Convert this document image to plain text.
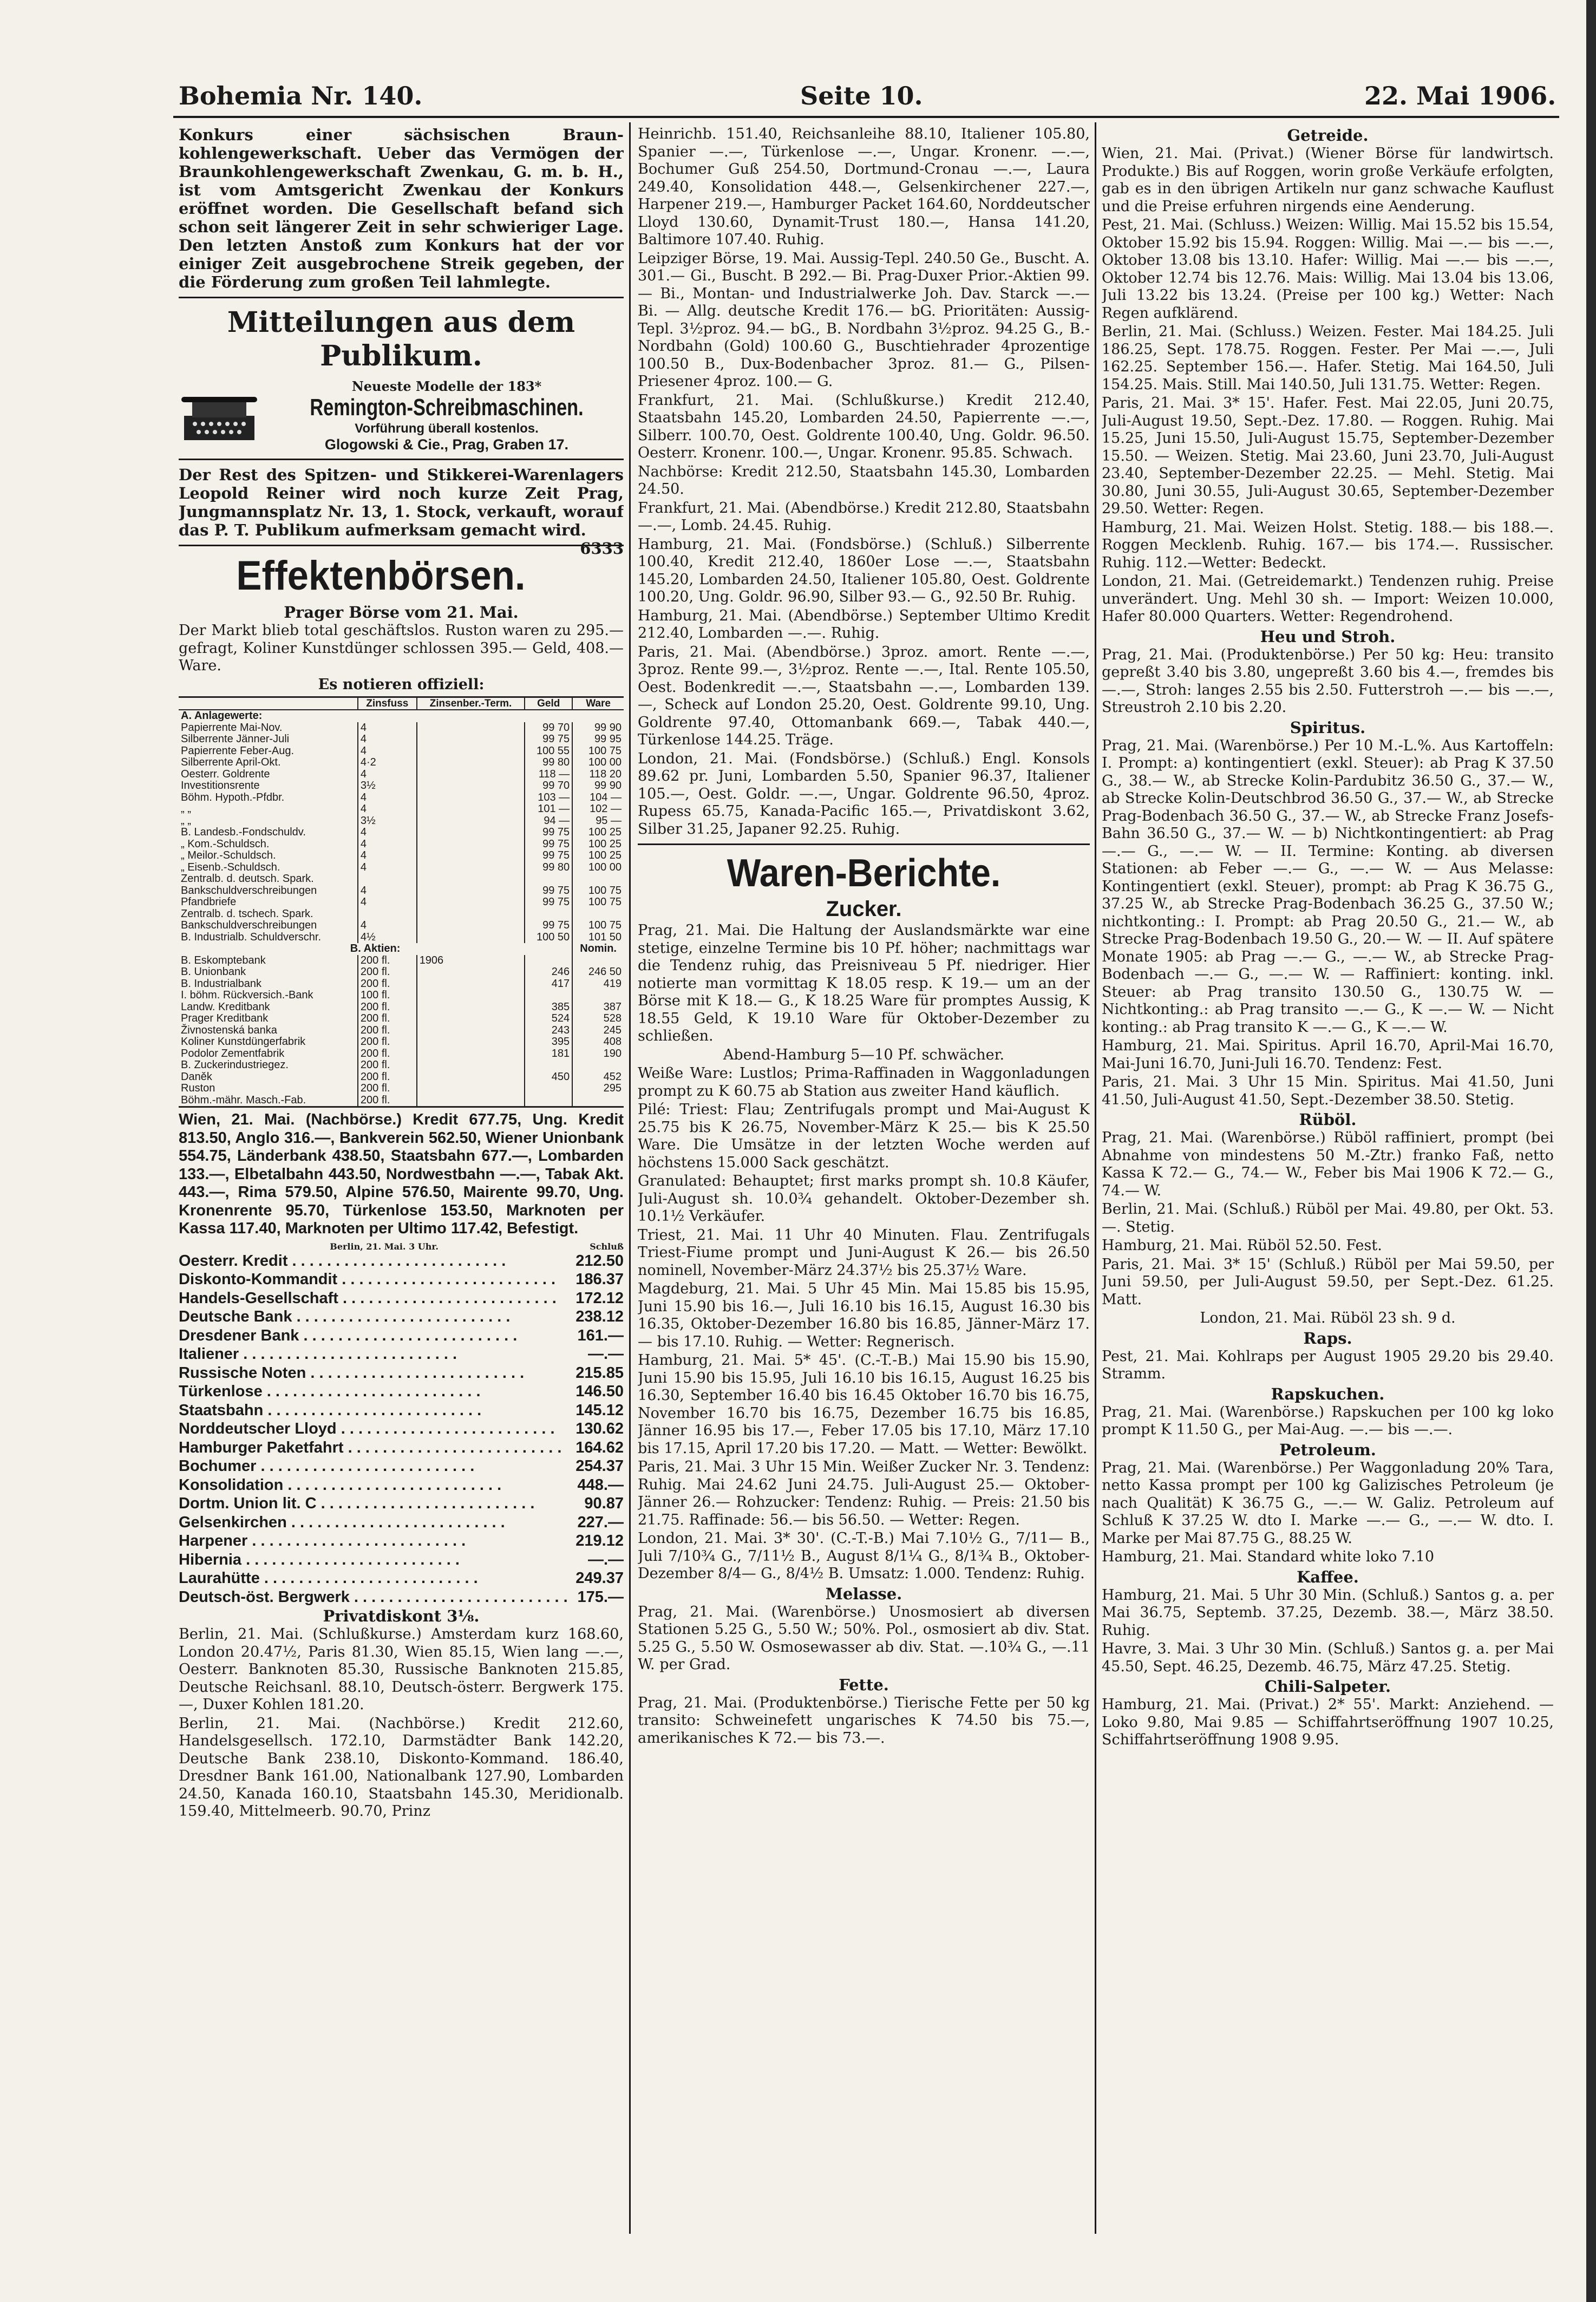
Bohemia Nr. 140.	Seite 10.	22. Mai 1906.

Konkurs einer sächsischen Braun-kohlengewerkschaft. Ueber das Vermögen der Braunkohlengewerkschaft Zwenkau, G. m. b. H., ist vom Amtsgericht Zwenkau der Konkurs eröffnet worden. Die Gesellschaft befand sich schon seit längerer Zeit in sehr schwieriger Lage. Den letzten Anstoß zum Konkurs hat der vor einiger Zeit ausgebrochene Streik gegeben, der die Förderung zum großen Teil lahmlegte.

Mitteilungen aus dem Publikum.
Neueste Modelle der 183*
Remington-Schreibmaschinen.
Vorführung überall kostenlos.
Glogowski & Cie., Prag, Graben 17.

Der Rest des Spitzen- und Stikkerei-Warenlagers Leopold Reiner wird noch kurze Zeit Prag, Jungmannsplatz Nr. 13, 1. Stock, verkauft, worauf das P. T. Publikum aufmerksam gemacht wird.
6333

Effektenbörsen.
Prager Börse vom 21. Mai.

Der Markt blieb total geschäftslos. Ruston waren zu 295.— gefragt, Koliner Kunstdünger schlossen 395.— Geld, 408.— Ware.

Es notieren offiziell:
	Zinsfuss	Zinsenber.-Term.	Geld	Ware
A. Anlagewerte:				
Papierrente Mai-Nov.	4		99 70	99 90
Silberrente Jänner-Juli	4		99 75	99 95
Papierrente Feber-Aug.	4		100 55	100 75
Silberrente April-Okt.	4·2		99 80	100 00
Oesterr. Goldrente	4		118 —	118 20
Investitionsrente	3½		99 70	99 90
Böhm. Hypoth.-Pfdbr.	4		103 —	104 —
„ „	4		101 —	102 —
„ „	3½		94 —	95 —
B. Landesb.-Fondschuldv.	4		99 75	100 25
„ Kom.-Schuldsch.	4		99 75	100 25
„ Meilor.-Schuldsch.	4		99 75	100 25
„ Eisenb.-Schuldsch.	4		99 80	100 00
Zentralb. d. deutsch. Spark.				
Bankschuldverschreibungen	4		99 75	100 75
Pfandbriefe	4		99 75	100 75
Zentralb. d. tschech. Spark.				
Bankschuldverschreibungen	4		99 75	100 75
B. Industrialb. Schuldverschr.	4½		100 50	101 50
B. Aktien:				Nomin.
B. Eskomptebank	200 fl.	1906		
B. Unionbank	200 fl.		246	246 50
B. Industrialbank	200 fl.		417	419
I. böhm. Rückversich.-Bank	100 fl.			
Landw. Kreditbank	200 fl.		385	387
Prager Kreditbank	200 fl.		524	528
Živnostenská banka	200 fl.		243	245
Koliner Kunstdüngerfabrik	200 fl.		395	408
Podolor Zementfabrik	200 fl.		181	190
B. Zuckerindustriegez.	200 fl.			
Daněk	200 fl.		450	452
Ruston	200 fl.			295
Böhm.-mähr. Masch.-Fab.	200 fl.			

Wien, 21. Mai. (Nachbörse.) Kredit 677.75, Ung. Kredit 813.50, Anglo 316.—, Bankverein 562.50, Wiener Unionbank 554.75, Länderbank 438.50, Staatsbahn 677.—, Lombarden 133.—, Elbetalbahn 443.50, Nordwestbahn —.—, Tabak Akt. 443.—, Rima 579.50, Alpine 576.50, Mairente 99.70, Ung. Kronenrente 95.70, Türkenlose 153.50, Marknoten per Kassa 117.40, Marknoten per Ultimo 117.42, Befestigt.

Berlin, 21. Mai. 3 Uhr.	Schluß
Oesterr. Kredit . . . . . . . . . . . . . . . . . . . . . . . . .	212.50
Diskonto-Kommandit . . . . . . . . . . . . . . . . . . . . . . . . .	186.37
Handels-Gesellschaft . . . . . . . . . . . . . . . . . . . . . . . . .	172.12
Deutsche Bank . . . . . . . . . . . . . . . . . . . . . . . . .	238.12
Dresdener Bank . . . . . . . . . . . . . . . . . . . . . . . . .	161.—
Italiener . . . . . . . . . . . . . . . . . . . . . . . . .	—.—
Russische Noten . . . . . . . . . . . . . . . . . . . . . . . . .	215.85
Türkenlose . . . . . . . . . . . . . . . . . . . . . . . . .	146.50
Staatsbahn . . . . . . . . . . . . . . . . . . . . . . . . .	145.12
Norddeutscher Lloyd . . . . . . . . . . . . . . . . . . . . . . . . .	130.62
Hamburger Paketfahrt . . . . . . . . . . . . . . . . . . . . . . . . .	164.62
Bochumer . . . . . . . . . . . . . . . . . . . . . . . . .	254.37
Konsolidation . . . . . . . . . . . . . . . . . . . . . . . . .	448.—
Dortm. Union lit. C . . . . . . . . . . . . . . . . . . . . . . . . .	90.87
Gelsenkirchen . . . . . . . . . . . . . . . . . . . . . . . . .	227.—
Harpener . . . . . . . . . . . . . . . . . . . . . . . . .	219.12
Hibernia . . . . . . . . . . . . . . . . . . . . . . . . .	—.—
Laurahütte . . . . . . . . . . . . . . . . . . . . . . . . .	249.37
Deutsch-öst. Bergwerk . . . . . . . . . . . . . . . . . . . . . . . . .	175.—
Privatdiskont 3⅛.

Berlin, 21. Mai. (Schlußkurse.) Amsterdam kurz 168.60, London 20.47½, Paris 81.30, Wien 85.15, Wien lang —.—, Oesterr. Banknoten 85.30, Russische Banknoten 215.85, Deutsche Reichsanl. 88.10, Deutsch-österr. Bergwerk 175.—, Duxer Kohlen 181.20.

Berlin, 21. Mai. (Nachbörse.) Kredit 212.60, Handelsgesellsch. 172.10, Darmstädter Bank 142.20, Deutsche Bank 238.10, Diskonto-Kommand. 186.40, Dresdner Bank 161.00, Nationalbank 127.90, Lombarden 24.50, Kanada 160.10, Staatsbahn 145.30, Meridionalb. 159.40, Mittelmeerb. 90.70, Prinz

Heinrichb. 151.40, Reichsanleihe 88.10, Italiener 105.80, Spanier —.—, Türkenlose —.—, Ungar. Kronenr. —.—, Bochumer Guß 254.50, Dortmund-Cronau —.—, Laura 249.40, Konsolidation 448.—, Gelsenkirchener 227.—, Harpener 219.—, Hamburger Packet 164.60, Norddeutscher Lloyd 130.60, Dynamit-Trust 180.—, Hansa 141.20, Baltimore 107.40. Ruhig.

Leipziger Börse, 19. Mai. Aussig-Tepl. 240.50 Ge., Buscht. A. 301.— Gi., Buscht. B 292.— Bi. Prag-Duxer Prior.-Aktien 99.— Bi., Montan- und Industrialwerke Joh. Dav. Starck —.— Bi. — Allg. deutsche Kredit 176.— bG. Prioritäten: Aussig-Tepl. 3½proz. 94.— bG., B. Nordbahn 3½proz. 94.25 G., B.-Nordbahn (Gold) 100.60 G., Buschtiehrader 4prozentige 100.50 B., Dux-Bodenbacher 3proz. 81.— G., Pilsen-Priesener 4proz. 100.— G.

Frankfurt, 21. Mai. (Schlußkurse.) Kredit 212.40, Staatsbahn 145.20, Lombarden 24.50, Papierrente —.—, Silberr. 100.70, Oest. Goldrente 100.40, Ung. Goldr. 96.50. Oesterr. Kronenr. 100.—, Ungar. Kronenr. 95.85. Schwach.

Nachbörse: Kredit 212.50, Staatsbahn 145.30, Lombarden 24.50.

Frankfurt, 21. Mai. (Abendbörse.) Kredit 212.80, Staatsbahn —.—, Lomb. 24.45. Ruhig.

Hamburg, 21. Mai. (Fondsbörse.) (Schluß.) Silberrente 100.40, Kredit 212.40, 1860er Lose —.—, Staatsbahn 145.20, Lombarden 24.50, Italiener 105.80, Oest. Goldrente 100.20, Ung. Goldr. 96.90, Silber 93.— G., 92.50 Br. Ruhig.

Hamburg, 21. Mai. (Abendbörse.) September Ultimo Kredit 212.40, Lombarden —.—. Ruhig.

Paris, 21. Mai. (Abendbörse.) 3proz. amort. Rente —.—, 3proz. Rente 99.—, 3½proz. Rente —.—, Ital. Rente 105.50, Oest. Bodenkredit —.—, Staatsbahn —.—, Lombarden 139.—, Scheck auf London 25.20, Oest. Goldrente 99.10, Ung. Goldrente 97.40, Ottomanbank 669.—, Tabak 440.—, Türkenlose 144.25. Träge.

London, 21. Mai. (Fondsbörse.) (Schluß.) Engl. Konsols 89.62 pr. Juni, Lombarden 5.50, Spanier 96.37, Italiener 105.—, Oest. Goldr. —.—, Ungar. Goldrente 96.50, 4proz. Rupess 65.75, Kanada-Pacific 165.—, Privatdiskont 3.62, Silber 31.25, Japaner 92.25. Ruhig.

Waren-Berichte.
Zucker.

Prag, 21. Mai. Die Haltung der Auslandsmärkte war eine stetige, einzelne Termine bis 10 Pf. höher; nachmittags war die Tendenz ruhig, das Preisniveau 5 Pf. niedriger. Hier notierte man vormittag K 18.05 resp. K 19.— um an der Börse mit K 18.— G., K 18.25 Ware für promptes Aussig, K 18.55 Geld, K 19.10 Ware für Oktober-Dezember zu schließen.

Abend-Hamburg 5—10 Pf. schwächer.

Weiße Ware: Lustlos; Prima-Raffinaden in Waggonladungen prompt zu K 60.75 ab Station aus zweiter Hand käuflich.

Pilé: Triest: Flau; Zentrifugals prompt und Mai-August K 25.75 bis K 26.75, November-März K 25.— bis K 25.50 Ware. Die Umsätze in der letzten Woche werden auf höchstens 15.000 Sack geschätzt.

Granulated: Behauptet; first marks prompt sh. 10.8 Käufer, Juli-August sh. 10.0¾ gehandelt. Oktober-Dezember sh. 10.1½ Verkäufer.

Triest, 21. Mai. 11 Uhr 40 Minuten. Flau. Zentrifugals Triest-Fiume prompt und Juni-August K 26.— bis 26.50 nominell, November-März 24.37½ bis 25.37½ Ware.

Magdeburg, 21. Mai. 5 Uhr 45 Min. Mai 15.85 bis 15.95, Juni 15.90 bis 16.—, Juli 16.10 bis 16.15, August 16.30 bis 16.35, Oktober-Dezember 16.80 bis 16.85, Jänner-März 17.— bis 17.10. Ruhig. — Wetter: Regnerisch.

Hamburg, 21. Mai. 5* 45'. (C.-T.-B.) Mai 15.90 bis 15.90, Juni 15.90 bis 15.95, Juli 16.10 bis 16.15, August 16.25 bis 16.30, September 16.40 bis 16.45 Oktober 16.70 bis 16.75, November 16.70 bis 16.75, Dezember 16.75 bis 16.85, Jänner 16.95 bis 17.—, Feber 17.05 bis 17.10, März 17.10 bis 17.15, April 17.20 bis 17.20. — Matt. — Wetter: Bewölkt.

Paris, 21. Mai. 3 Uhr 15 Min. Weißer Zucker Nr. 3. Tendenz: Ruhig. Mai 24.62 Juni 24.75. Juli-August 25.— Oktober-Jänner 26.— Rohzucker: Tendenz: Ruhig. — Preis: 21.50 bis 21.75. Raffinade: 56.— bis 56.50. — Wetter: Regen.

London, 21. Mai. 3* 30'. (C.-T.-B.) Mai 7.10½ G., 7/11— B., Juli 7/10¾ G., 7/11½ B., August 8/1¼ G., 8/1¾ B., Oktober-Dezember 8/4— G., 8/4½ B. Umsatz: 1.000. Tendenz: Ruhig.

Melasse.

Prag, 21. Mai. (Warenbörse.) Unosmosiert ab diversen Stationen 5.25 G., 5.50 W.; 50%. Pol., osmosiert ab div. Stat. 5.25 G., 5.50 W. Osmosewasser ab div. Stat. —.10¾ G., —.11 W. per Grad.

Fette.

Prag, 21. Mai. (Produktenbörse.) Tierische Fette per 50 kg transito: Schweinefett ungarisches K 74.50 bis 75.—, amerikanisches K 72.— bis 73.—.

Getreide.

Wien, 21. Mai. (Privat.) (Wiener Börse für landwirtsch. Produkte.) Bis auf Roggen, worin große Verkäufe erfolgten, gab es in den übrigen Artikeln nur ganz schwache Kauflust und die Preise erfuhren nirgends eine Aenderung.

Pest, 21. Mai. (Schluss.) Weizen: Willig. Mai 15.52 bis 15.54, Oktober 15.92 bis 15.94. Roggen: Willig. Mai —.— bis —.—, Oktober 13.08 bis 13.10. Hafer: Willig. Mai —.— bis —.—, Oktober 12.74 bis 12.76. Mais: Willig. Mai 13.04 bis 13.06, Juli 13.22 bis 13.24. (Preise per 100 kg.) Wetter: Nach Regen aufklärend.

Berlin, 21. Mai. (Schluss.) Weizen. Fester. Mai 184.25. Juli 186.25, Sept. 178.75. Roggen. Fester. Per Mai —.—, Juli 162.25. September 156.—. Hafer. Stetig. Mai 164.50, Juli 154.25. Mais. Still. Mai 140.50, Juli 131.75. Wetter: Regen.

Paris, 21. Mai. 3* 15'. Hafer. Fest. Mai 22.05, Juni 20.75, Juli-August 19.50, Sept.-Dez. 17.80. — Roggen. Ruhig. Mai 15.25, Juni 15.50, Juli-August 15.75, September-Dezember 15.50. — Weizen. Stetig. Mai 23.60, Juni 23.70, Juli-August 23.40, September-Dezember 22.25. — Mehl. Stetig. Mai 30.80, Juni 30.55, Juli-August 30.65, September-Dezember 29.50. Wetter: Regen.

Hamburg, 21. Mai. Weizen Holst. Stetig. 188.— bis 188.—. Roggen Mecklenb. Ruhig. 167.— bis 174.—. Russischer. Ruhig. 112.—Wetter: Bedeckt.

London, 21. Mai. (Getreidemarkt.) Tendenzen ruhig. Preise unverändert. Ung. Mehl 30 sh. — Import: Weizen 10.000, Hafer 80.000 Quarters. Wetter: Regendrohend.

Heu und Stroh.

Prag, 21. Mai. (Produktenbörse.) Per 50 kg: Heu: transito gepreßt 3.40 bis 3.80, ungepreßt 3.60 bis 4.—, fremdes bis —.—, Stroh: langes 2.55 bis 2.50. Futterstroh —.— bis —.—, Streustroh 2.10 bis 2.20.

Spiritus.

Prag, 21. Mai. (Warenbörse.) Per 10 M.-L.%. Aus Kartoffeln: I. Prompt: a) kontingentiert (exkl. Steuer): ab Prag K 37.50 G., 38.— W., ab Strecke Kolin-Pardubitz 36.50 G., 37.— W., ab Strecke Kolin-Deutschbrod 36.50 G., 37.— W., ab Strecke Prag-Bodenbach 36.50 G., 37.— W., ab Strecke Franz Josefs-Bahn 36.50 G., 37.— W. — b) Nichtkontingentiert: ab Prag —.— G., —.— W. — II. Termine: Konting. ab diversen Stationen: ab Feber —.— G., —.— W. — Aus Melasse: Kontingentiert (exkl. Steuer), prompt: ab Prag K 36.75 G., 37.25 W., ab Strecke Prag-Bodenbach 36.25 G., 37.50 W.; nichtkonting.: I. Prompt: ab Prag 20.50 G., 21.— W., ab Strecke Prag-Bodenbach 19.50 G., 20.— W. — II. Auf spätere Monate 1905: ab Prag —.— G., —.— W., ab Strecke Prag-Bodenbach —.— G., —.— W. — Raffiniert: konting. inkl. Steuer: ab Prag transito 130.50 G., 130.75 W. — Nichtkonting.: ab Prag transito —.— G., K —.— W. — Nicht konting.: ab Prag transito K —.— G., K —.— W.

Hamburg, 21. Mai. Spiritus. April 16.70, April-Mai 16.70, Mai-Juni 16.70, Juni-Juli 16.70. Tendenz: Fest.

Paris, 21. Mai. 3 Uhr 15 Min. Spiritus. Mai 41.50, Juni 41.50, Juli-August 41.50, Sept.-Dezember 38.50. Stetig.

Rüböl.

Prag, 21. Mai. (Warenbörse.) Rüböl raffiniert, prompt (bei Abnahme von mindestens 50 M.-Ztr.) franko Faß, netto Kassa K 72.— G., 74.— W., Feber bis Mai 1906 K 72.— G., 74.— W.

Berlin, 21. Mai. (Schluß.) Rüböl per Mai. 49.80, per Okt. 53.—. Stetig.

Hamburg, 21. Mai. Rüböl 52.50. Fest.

Paris, 21. Mai. 3* 15' (Schluß.) Rüböl per Mai 59.50, per Juni 59.50, per Juli-August 59.50, per Sept.-Dez. 61.25. Matt.

London, 21. Mai. Rüböl 23 sh. 9 d.

Raps.

Pest, 21. Mai. Kohlraps per August 1905 29.20 bis 29.40. Stramm.

Rapskuchen.

Prag, 21. Mai. (Warenbörse.) Rapskuchen per 100 kg loko prompt K 11.50 G., per Mai-Aug. —.— bis —.—.

Petroleum.

Prag, 21. Mai. (Warenbörse.) Per Waggonladung 20% Tara, netto Kassa prompt per 100 kg Galizisches Petroleum (je nach Qualität) K 36.75 G., —.— W. Galiz. Petroleum auf Schluß K 37.25 W. dto I. Marke —.— G., —.— W. dto. I. Marke per Mai 87.75 G., 88.25 W.

Hamburg, 21. Mai. Standard white loko 7.10

Kaffee.

Hamburg, 21. Mai. 5 Uhr 30 Min. (Schluß.) Santos g. a. per Mai 36.75, Septemb. 37.25, Dezemb. 38.—, März 38.50. Ruhig.

Havre, 3. Mai. 3 Uhr 30 Min. (Schluß.) Santos g. a. per Mai 45.50, Sept. 46.25, Dezemb. 46.75, März 47.25. Stetig.

Chili-Salpeter.

Hamburg, 21. Mai. (Privat.) 2* 55'. Markt: Anziehend. — Loko 9.80, Mai 9.85 — Schiffahrtseröffnung 1907 10.25, Schiffahrtseröffnung 1908 9.95.
